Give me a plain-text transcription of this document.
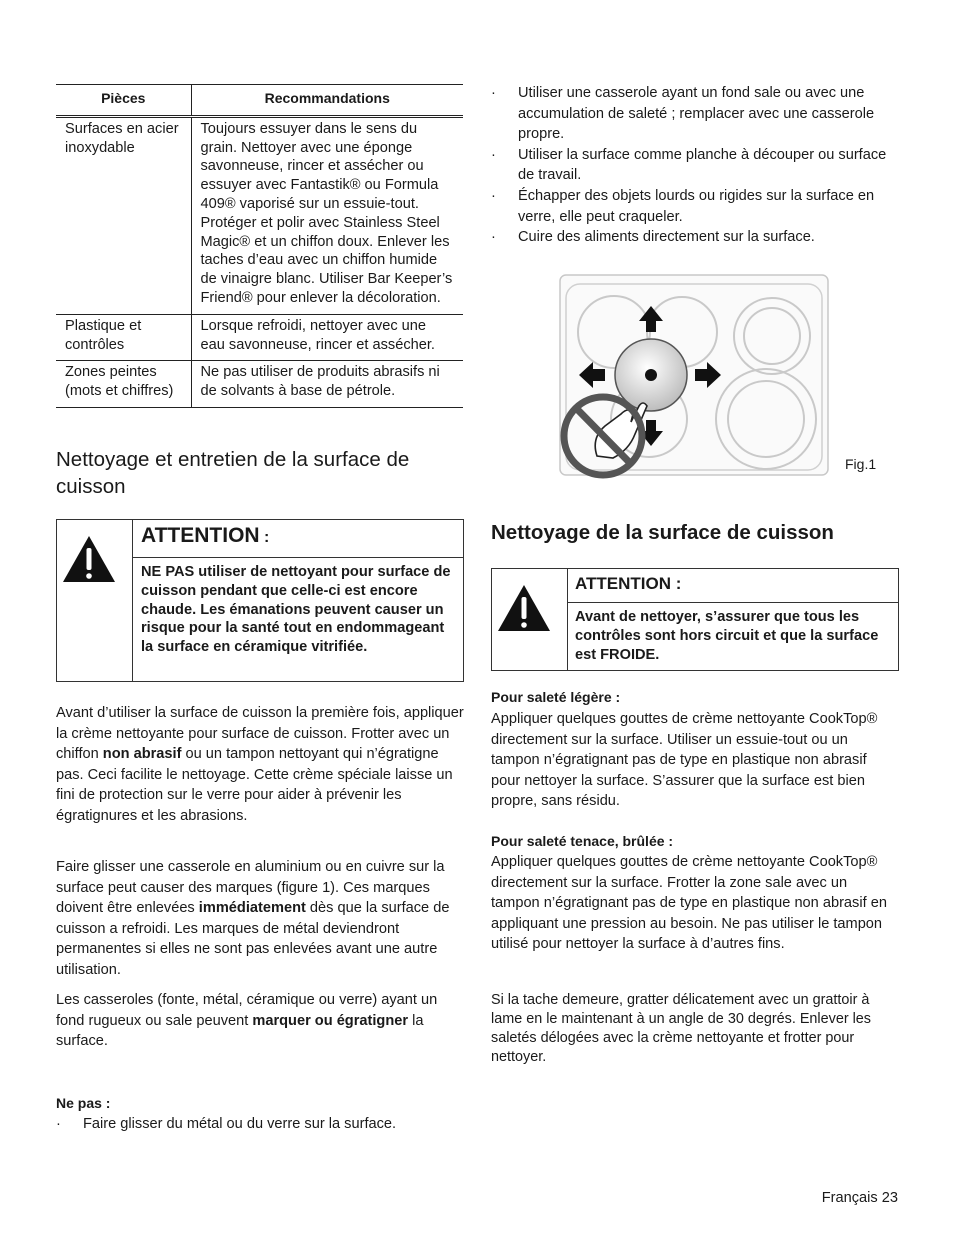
Pièces	Recommandations
Surfaces en acier inoxydable	Toujours essuyer dans le sens du grain. Nettoyer avec une éponge savonneuse, rincer et assécher ou essuyer avec Fantastik® ou Formula 409® vaporisé sur un essuie-tout. Protéger et polir avec Stainless Steel Magic® et un chiffon doux. Enlever les taches d’eau avec un chiffon humide de vinaigre blanc. Utiliser Bar Keeper’s Friend® pour enlever la décoloration.
Plastique et contrôles	Lorsque refroidi, nettoyer avec une eau savonneuse, rincer et assécher.
Zones peintes (mots et chiffres)	Ne pas utiliser de produits abrasifs ni de solvants à base de pétrole.
Nettoyage et entretien de la surface de cuisson
ATTENTION :
NE PAS utiliser de nettoyant pour surface de cuisson pendant que celle-ci est encore chaude. Les émanations peuvent causer un risque pour la santé tout en endommageant la surface en céramique vitrifiée.

Avant d’utiliser la surface de cuisson la première fois, appliquer la crème nettoyante pour surface de cuisson. Frotter avec un chiffon non abrasif ou un tampon nettoyant qui n’égratigne pas. Ceci facilite le nettoyage. Cette crème spéciale laisse un fini de protection sur le verre pour aider à prévenir les égratignures et les abrasions.

Faire glisser une casserole en aluminium ou en cuivre sur la surface peut causer des marques (figure 1). Ces marques doivent être enlevées immédiatement dès que la surface de cuisson a refroidi. Les marques de métal deviendront permanentes si elles ne sont pas enlevées avant une autre utilisation.

Les casseroles (fonte, métal, céramique ou verre) ayant un fond rugueux ou sale peuvent marquer ou égratigner la surface.

Ne pas :
· Faire glisser du métal ou du verre sur la surface.
· Utiliser une casserole ayant un fond sale ou avec une accumulation de saleté ; remplacer avec une casserole propre.
· Utiliser la surface comme planche à découper ou surface de travail.
· Échapper des objets lourds ou rigides sur la surface en verre, elle peut craqueler.
· Cuire des aliments directement sur la surface.
Fig.1
Nettoyage de la surface de cuisson
ATTENTION :
Avant de nettoyer, s’assurer que tous les contrôles sont hors circuit et que la surface est FROIDE.
Pour saleté légère :

Appliquer quelques gouttes de crème nettoyante CookTop® directement sur la surface. Utiliser un essuie-tout ou un tampon n’égratignant pas de type en plastique non abrasif pour nettoyer la surface. S’assurer que la surface est bien propre, sans résidu.

Pour saleté tenace, brûlée :

Appliquer quelques gouttes de crème nettoyante CookTop® directement sur la surface. Frotter la zone sale avec un tampon n’égratignant pas de type en plastique non abrasif en appliquant une pression au besoin. Ne pas utiliser le tampon utilisé pour nettoyer la surface à d’autres fins.

Si la tache demeure, gratter délicatement avec un grattoir à lame en le maintenant à un angle de 30 degrés. Enlever les saletés délogées avec la crème nettoyante et frotter pour nettoyer.

Français 23
